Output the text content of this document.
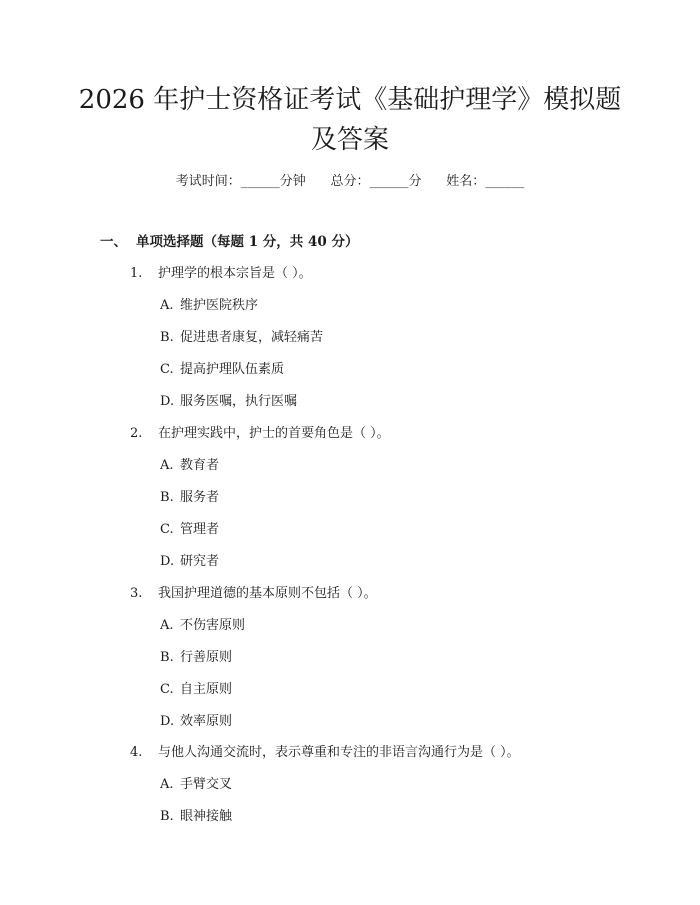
2026 年护士资格证考试《基础护理学》模拟题及答案
考试时间：______分钟      总分：______分      姓名：______
一、 单项选择题（每题 1 分，共 40 分）
1. 护理学的根本宗旨是（ ）。
A. 维护医院秩序
B. 促进患者康复，减轻痛苦
C. 提高护理队伍素质
D. 服务医嘱，执行医嘱
2. 在护理实践中，护士的首要角色是（ ）。
A. 教育者
B. 服务者
C. 管理者
D. 研究者
3. 我国护理道德的基本原则不包括（ ）。
A. 不伤害原则
B. 行善原则
C. 自主原则
D. 效率原则
4. 与他人沟通交流时，表示尊重和专注的非语言沟通行为是（ ）。
A. 手臂交叉
B. 眼神接触
